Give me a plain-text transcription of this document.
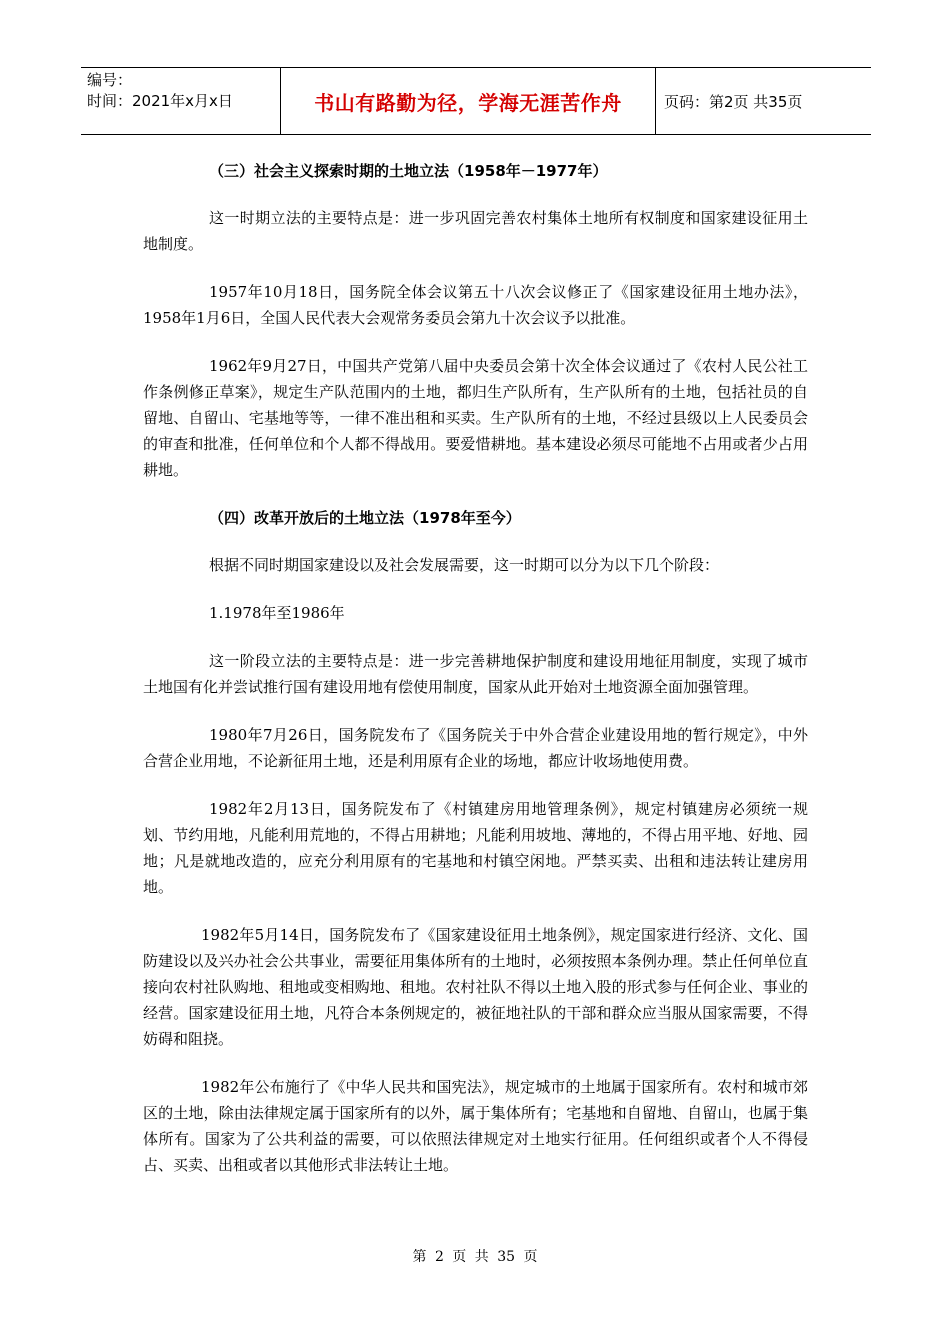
编号：
时间：2021年x月x日	书山有路勤为径，学海无涯苦作舟	页码：第2页 共35页
（三）社会主义探索时期的土地立法（1958年－1977年）

这一时期立法的主要特点是：进一步巩固完善农村集体土地所有权制度和国家建设征用土地制度。

1957年10月18日，国务院全体会议第五十八次会议修正了《国家建设征用土地办法》，1958年1月6日，全国人民代表大会观常务委员会第九十次会议予以批准。

1962年9月27日，中国共产党第八届中央委员会第十次全体会议通过了《农村人民公社工作条例修正草案》，规定生产队范围内的土地，都归生产队所有，生产队所有的土地，包括社员的自留地、自留山、宅基地等等，一律不准出租和买卖。生产队所有的土地，不经过县级以上人民委员会的审查和批准，任何单位和个人都不得战用。要爱惜耕地。基本建设必须尽可能地不占用或者少占用耕地。

（四）改革开放后的土地立法（1978年至今）

根据不同时期国家建设以及社会发展需要，这一时期可以分为以下几个阶段：

1.1978年至1986年

这一阶段立法的主要特点是：进一步完善耕地保护制度和建设用地征用制度，实现了城市土地国有化并尝试推行国有建设用地有偿使用制度，国家从此开始对土地资源全面加强管理。

1980年7月26日，国务院发布了《国务院关于中外合营企业建设用地的暂行规定》，中外合营企业用地，不论新征用土地，还是利用原有企业的场地，都应计收场地使用费。

1982年2月13日，国务院发布了《村镇建房用地管理条例》，规定村镇建房必须统一规划、节约用地，凡能利用荒地的，不得占用耕地；凡能利用坡地、薄地的，不得占用平地、好地、园地；凡是就地改造的，应充分利用原有的宅基地和村镇空闲地。严禁买卖、出租和违法转让建房用地。

1982年5月14日，国务院发布了《国家建设征用土地条例》，规定国家进行经济、文化、国防建设以及兴办社会公共事业，需要征用集体所有的土地时，必须按照本条例办理。禁止任何单位直接向农村社队购地、租地或变相购地、租地。农村社队不得以土地入股的形式参与任何企业、事业的经营。国家建设征用土地，凡符合本条例规定的，被征地社队的干部和群众应当服从国家需要，不得妨碍和阻挠。

1982年公布施行了《中华人民共和国宪法》，规定城市的土地属于国家所有。农村和城市郊区的土地，除由法律规定属于国家所有的以外，属于集体所有；宅基地和自留地、自留山，也属于集体所有。国家为了公共利益的需要，可以依照法律规定对土地实行征用。任何组织或者个人不得侵占、买卖、出租或者以其他形式非法转让土地。

第 2 页 共 35 页
